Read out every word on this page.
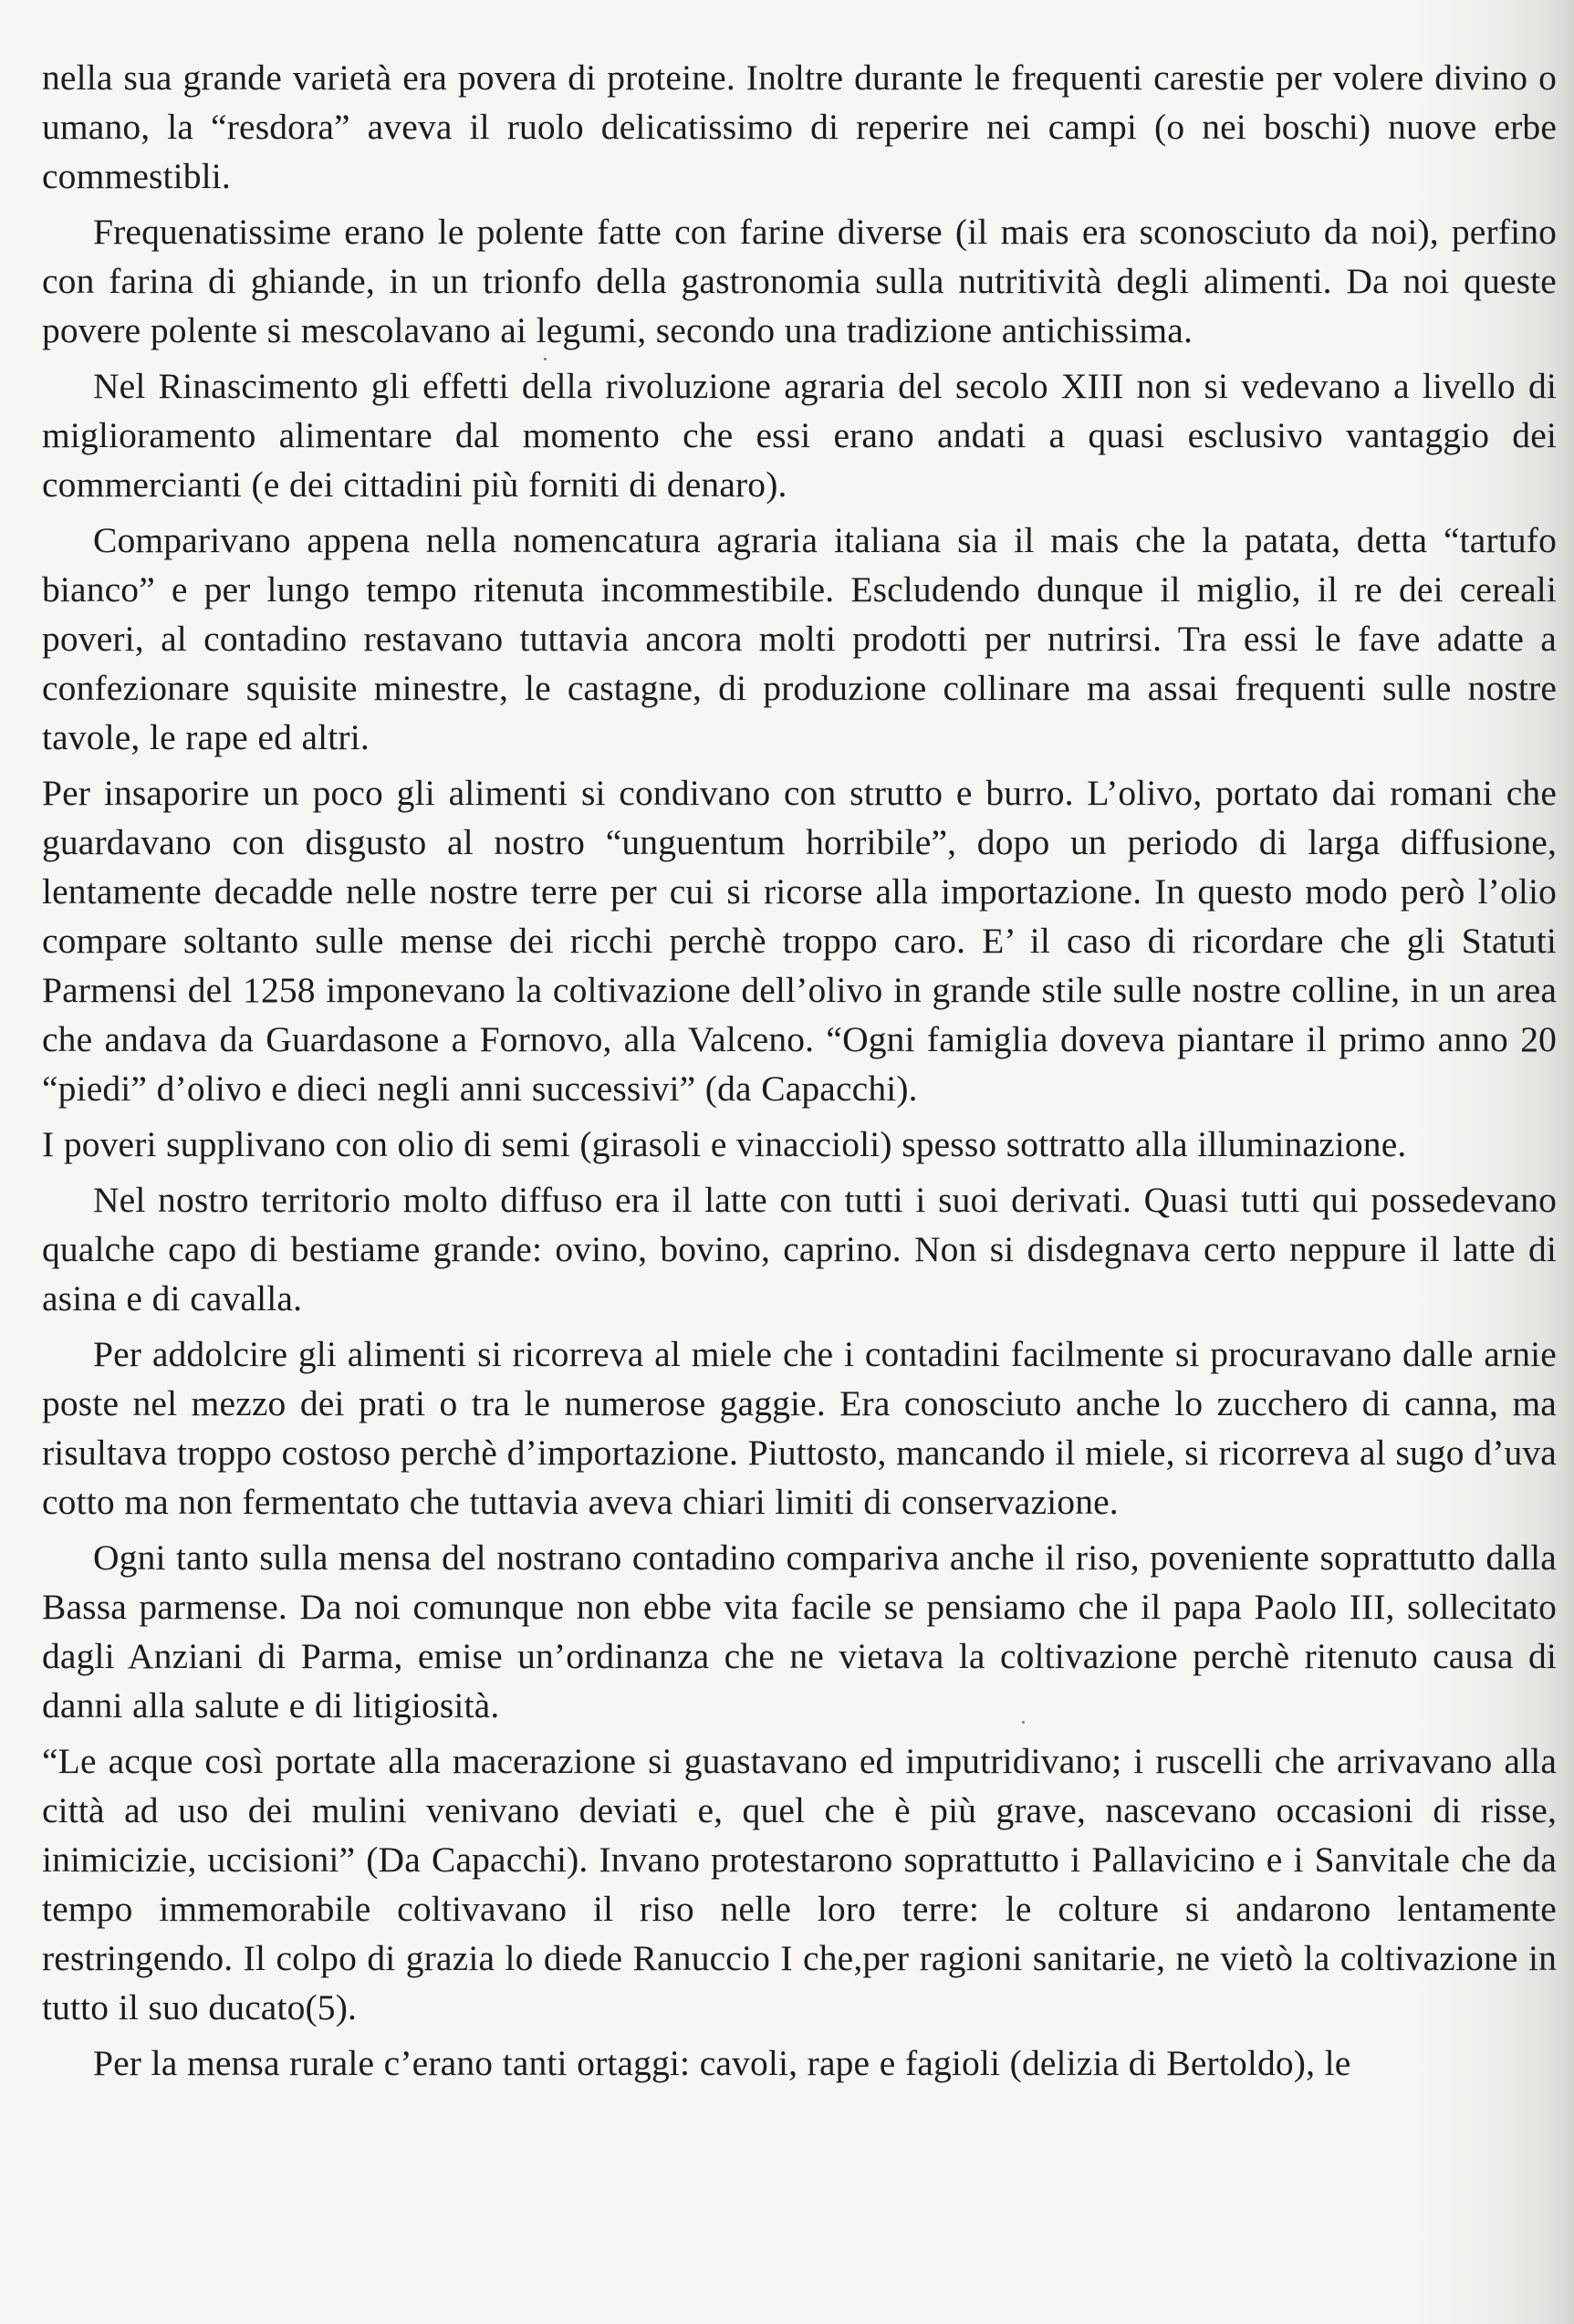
nella sua grande varietà era povera di proteine. Inoltre durante le frequenti carestie per volere divino o umano, la “resdora” aveva il ruolo delicatissimo di reperire nei campi (o nei boschi) nuove erbe commestibli.

Frequenatissime erano le polente fatte con farine diverse (il mais era sconosciuto da noi), perfino con farina di ghiande, in un trionfo della gastronomia sulla nutritività degli alimenti. Da noi queste povere polente si mescolavano ai legumi, secondo una tradizione antichissima.

Nel Rinascimento gli effetti della rivoluzione agraria del secolo XIII non si vedevano a livello di miglioramento alimentare dal momento che essi erano andati a quasi esclusivo vantaggio dei commercianti (e dei cittadini più forniti di denaro).

Comparivano appena nella nomencatura agraria italiana sia il mais che la patata, detta “tartufo bianco” e per lungo tempo ritenuta incommestibile. Escludendo dunque il miglio, il re dei cereali poveri, al contadino restavano tuttavia ancora molti prodotti per nutrirsi. Tra essi le fave adatte a confezionare squisite minestre, le castagne, di produzione collinare ma assai frequenti sulle nostre tavole, le rape ed altri.

Per insaporire un poco gli alimenti si condivano con strutto e burro. L’olivo, portato dai romani che guardavano con disgusto al nostro “unguentum horribile”, dopo un periodo di larga diffusione, lentamente decadde nelle nostre terre per cui si ricorse alla importazione. In questo modo però l’olio compare soltanto sulle mense dei ricchi perchè troppo caro. E’ il caso di ricordare che gli Statuti Parmensi del 1258 imponevano la coltivazione dell’olivo in grande stile sulle nostre colline, in un area che andava da Guardasone a Fornovo, alla Valceno. “Ogni famiglia doveva piantare il primo anno 20 “piedi” d’olivo e dieci negli anni successivi” (da Capacchi).

I poveri supplivano con olio di semi (girasoli e vinaccioli) spesso sottratto alla illuminazione.

Nel nostro territorio molto diffuso era il latte con tutti i suoi derivati. Quasi tutti qui possedevano qualche capo di bestiame grande: ovino, bovino, caprino. Non si disdegnava certo neppure il latte di asina e di cavalla.

Per addolcire gli alimenti si ricorreva al miele che i contadini facilmente si procuravano dalle arnie poste nel mezzo dei prati o tra le numerose gaggie. Era conosciuto anche lo zucchero di canna, ma risultava troppo costoso perchè d’importazione. Piuttosto, mancando il miele, si ricorreva al sugo d’uva cotto ma non fermentato che tuttavia aveva chiari limiti di conservazione.

Ogni tanto sulla mensa del nostrano contadino compariva anche il riso, poveniente soprattutto dalla Bassa parmense. Da noi comunque non ebbe vita facile se pensiamo che il papa Paolo III, sollecitato dagli Anziani di Parma, emise un’ordinanza che ne vietava la coltivazione perchè ritenuto causa di danni alla salute e di litigiosità.

“Le acque così portate alla macerazione si guastavano ed imputridivano; i ruscelli che arrivavano alla città ad uso dei mulini venivano deviati e, quel che è più grave, nascevano occasioni di risse, inimicizie, uccisioni” (Da Capacchi). Invano protestarono soprattutto i Pallavicino e i Sanvitale che da tempo immemorabile coltivavano il riso nelle loro terre: le colture si andarono lentamente restringendo. Il colpo di grazia lo diede Ranuccio I che,per ragioni sanitarie, ne vietò la coltivazione in tutto il suo ducato(5).

Per la mensa rurale c’erano tanti ortaggi: cavoli, rape e fagioli (delizia di Bertoldo), le
